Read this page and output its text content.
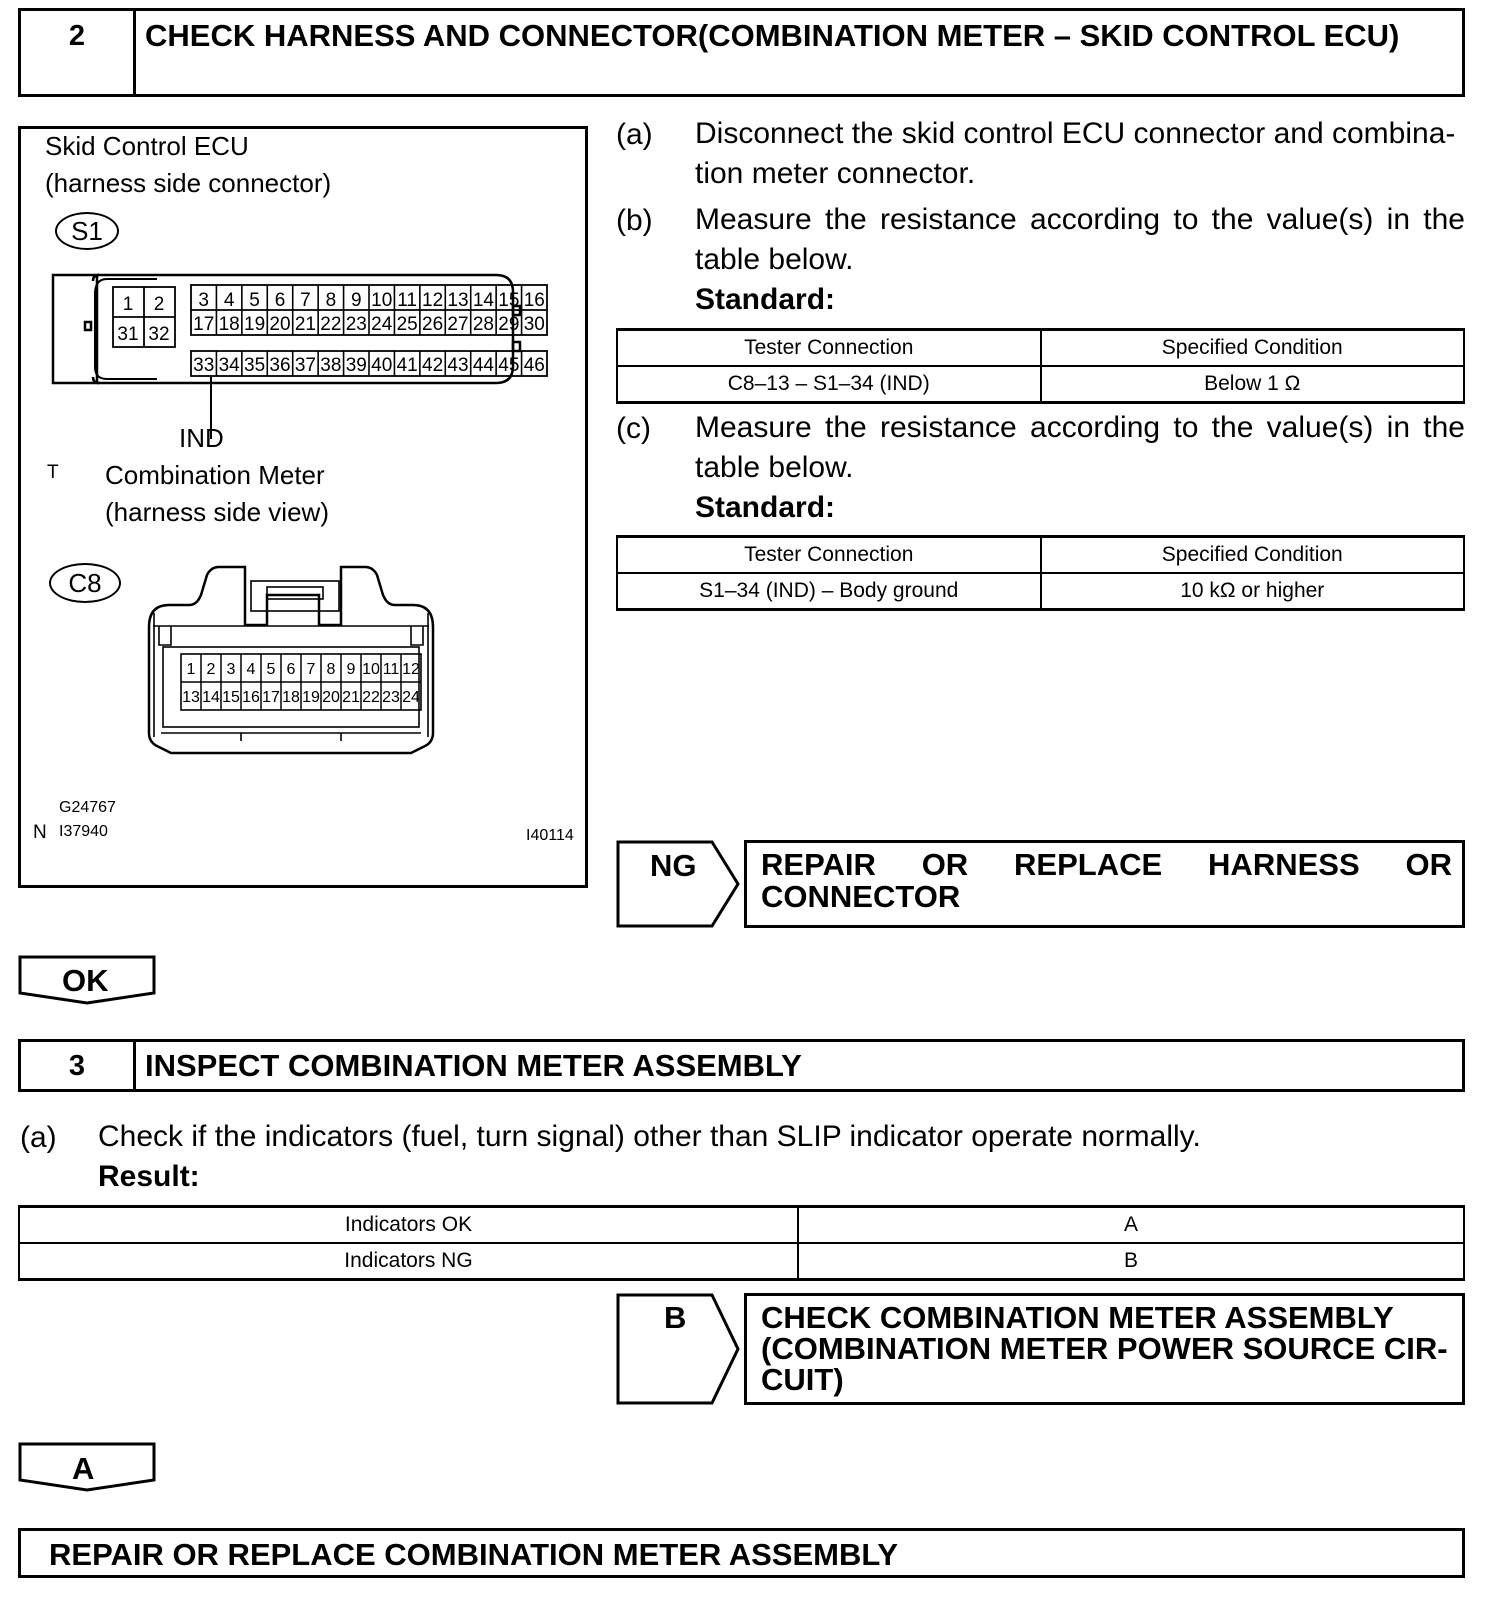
2	CHECK HARNESS AND CONNECTOR(COMBINATION METER – SKID CONTROL ECU)
Skid Control ECU
(harness side connector)
S1
1 2
31 32
3 4 5 6 7 8 9 10 11 12 13 14 15 16
17 18 19 20 21 22 23 24 25 26 27 28 29 30
33 34 35 36 37 38 39 40 41 42 43 44 45 46
IND
T Combination Meter
(harness side view)
C8
1 2 3 4 5 6 7 8 9 10 11 12
13 14 15 16 17 18 19 20 21 22 23 24
G24767
N I37940	I40114
(a) Disconnect the skid control ECU connector and combina-
tion meter connector.
(b) Measure the resistance according to the value(s) in the
table below.
Standard:
Tester Connection	Specified Condition
C8–13 – S1–34 (IND)	Below 1 Ω
(c) Measure the resistance according to the value(s) in the
table below.
Standard:
Tester Connection	Specified Condition
S1–34 (IND) – Body ground	10 kΩ or higher
NG REPAIR OR REPLACE HARNESS OR
CONNECTOR
OK
3	INSPECT COMBINATION METER ASSEMBLY
(a) Check if the indicators (fuel, turn signal) other than SLIP indicator operate normally.
Result:
Indicators OK	A
Indicators NG	B
B CHECK COMBINATION METER ASSEMBLY
(COMBINATION METER POWER SOURCE CIR-
CUIT)
A
REPAIR OR REPLACE COMBINATION METER ASSEMBLY
